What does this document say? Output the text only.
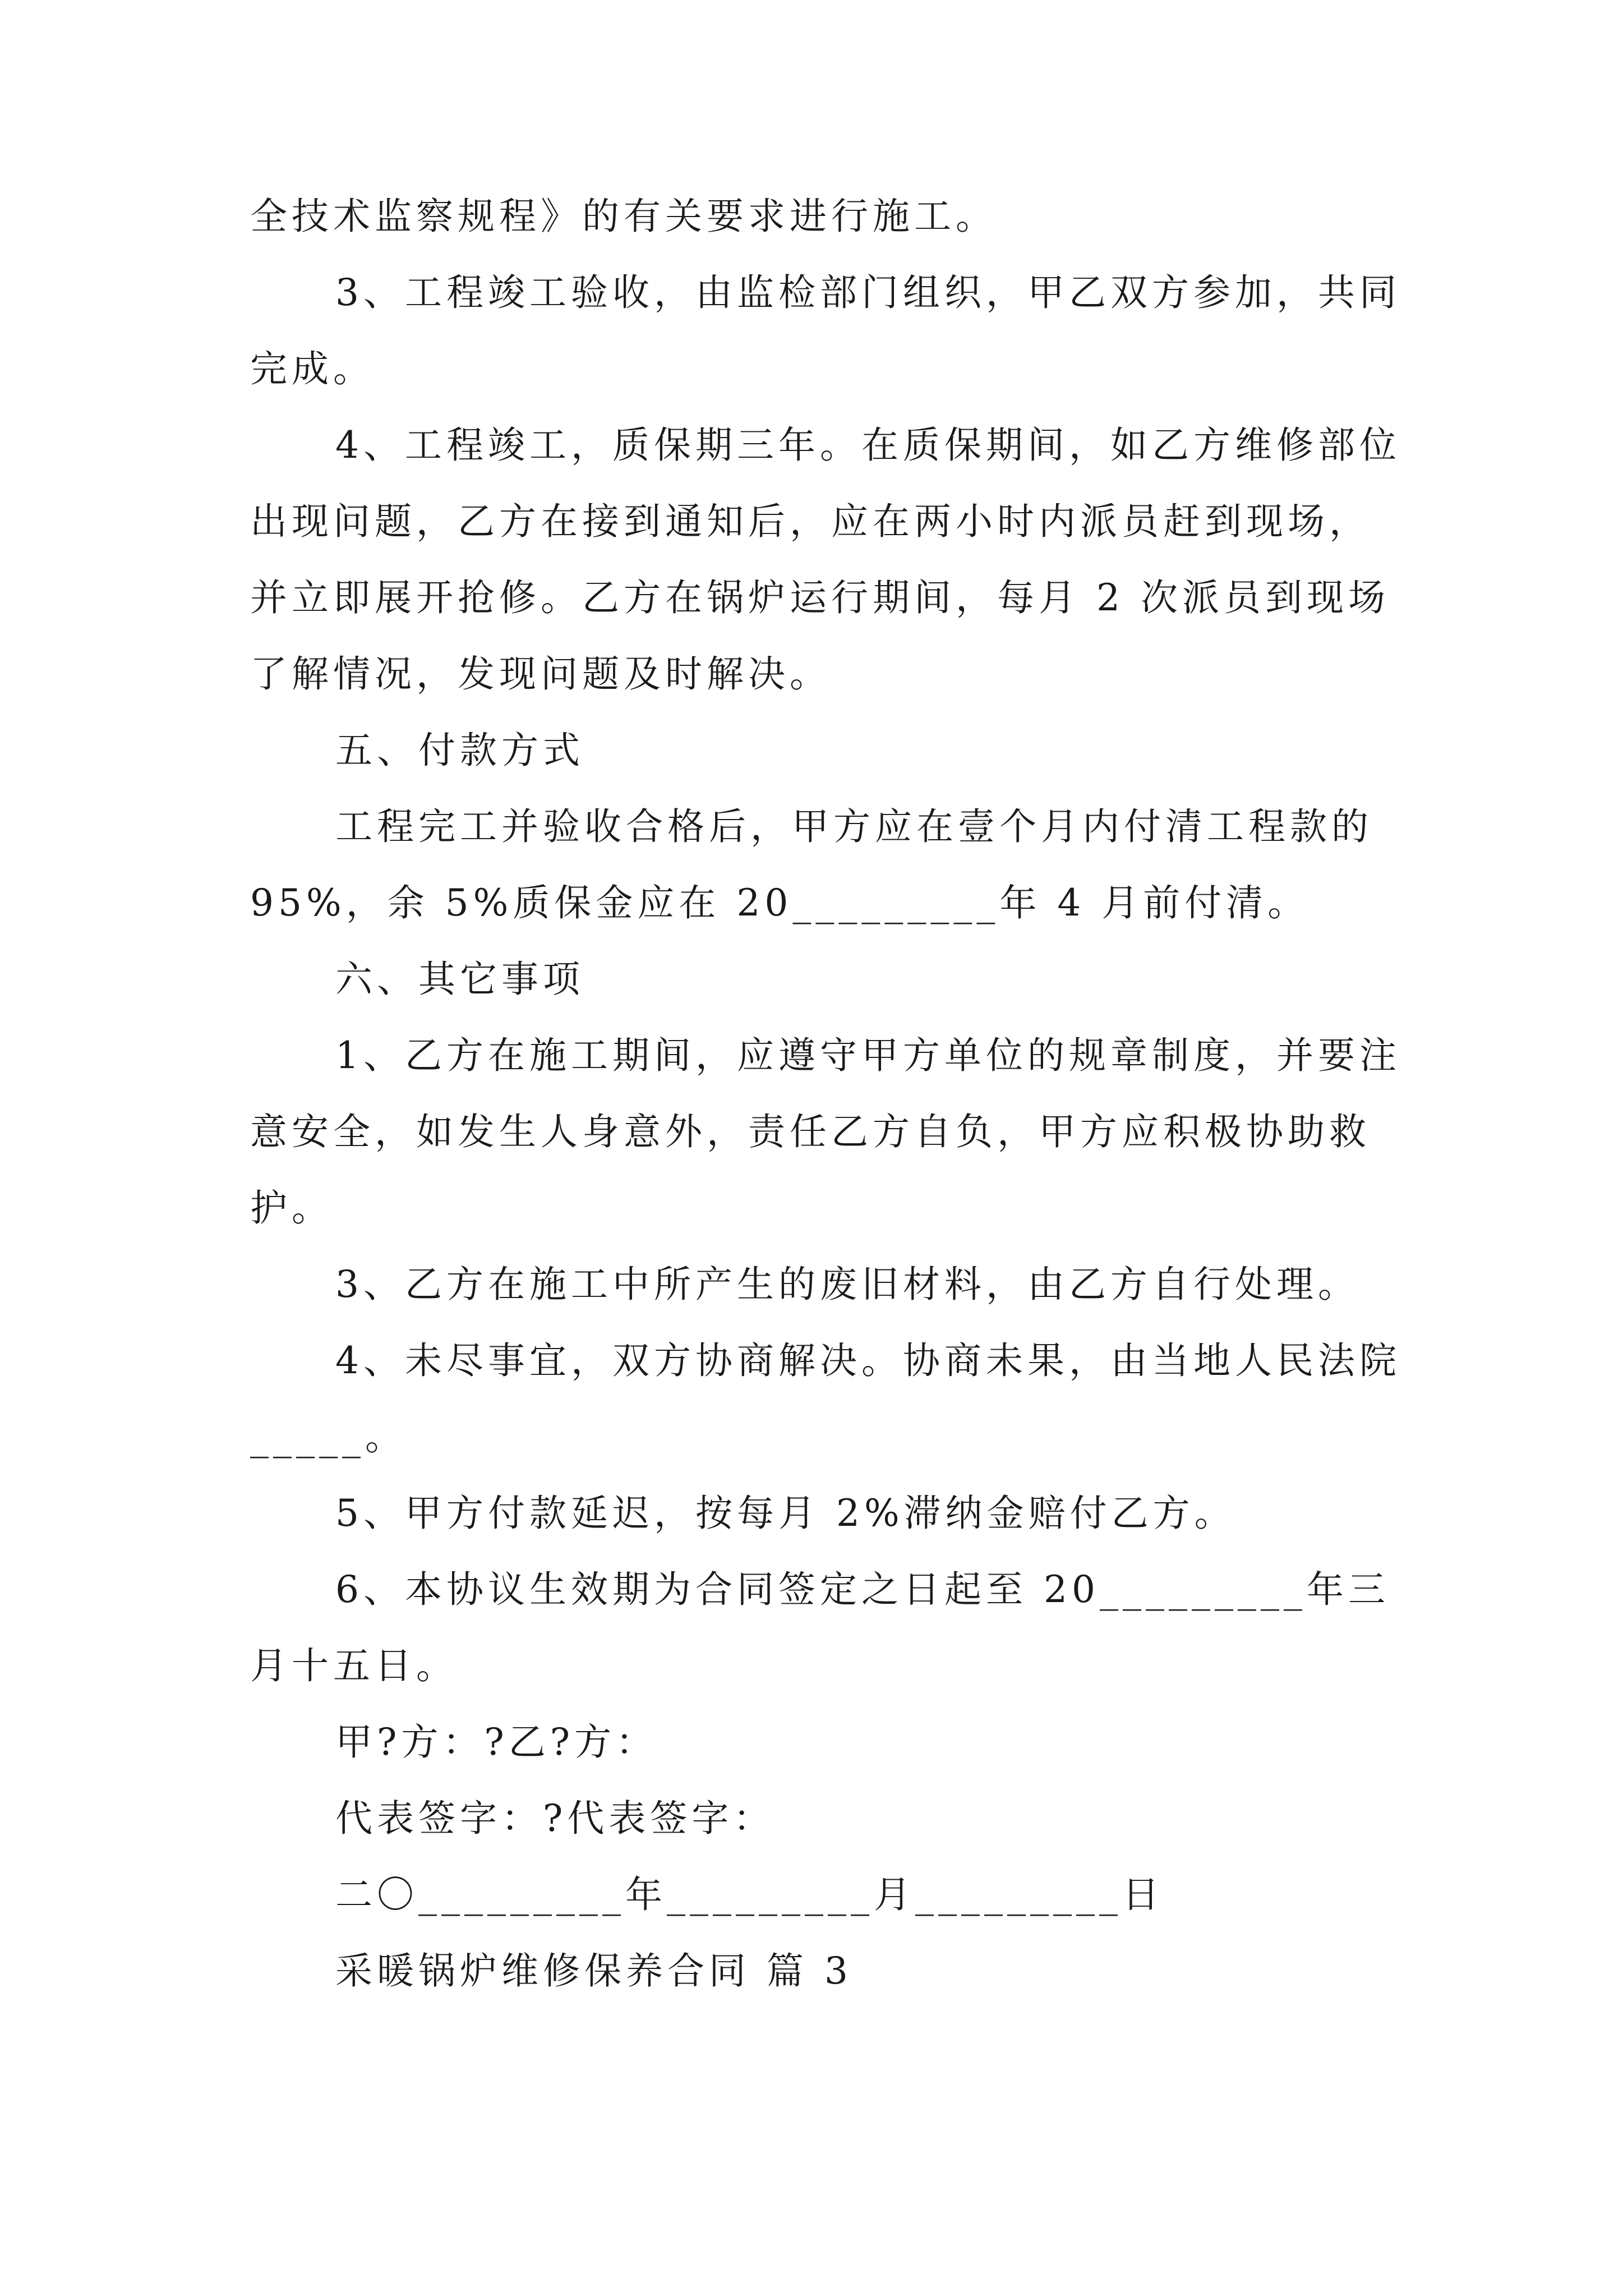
全技术监察规程》的有关要求进行施工。

3、工程竣工验收，由监检部门组织，甲乙双方参加，共同完成。

4、工程竣工，质保期三年。在质保期间，如乙方维修部位出现问题，乙方在接到通知后，应在两小时内派员赶到现场，并立即展开抢修。乙方在锅炉运行期间，每月 2 次派员到现场了解情况，发现问题及时解决。

五、付款方式

工程完工并验收合格后，甲方应在壹个月内付清工程款的 95%，余 5%质保金应在 20_________年 4 月前付清。

六、其它事项

1、乙方在施工期间，应遵守甲方单位的规章制度，并要注意安全，如发生人身意外，责任乙方自负，甲方应积极协助救护。

3、乙方在施工中所产生的废旧材料，由乙方自行处理。

4、未尽事宜，双方协商解决。协商未果，由当地人民法院_____。

5、甲方付款延迟，按每月 2%滞纳金赔付乙方。

6、本协议生效期为合同签定之日起至 20_________年三月十五日。

甲?方：?乙?方：

代表签字：?代表签字：

二〇_________年_________月_________日

采暖锅炉维修保养合同 篇 3
